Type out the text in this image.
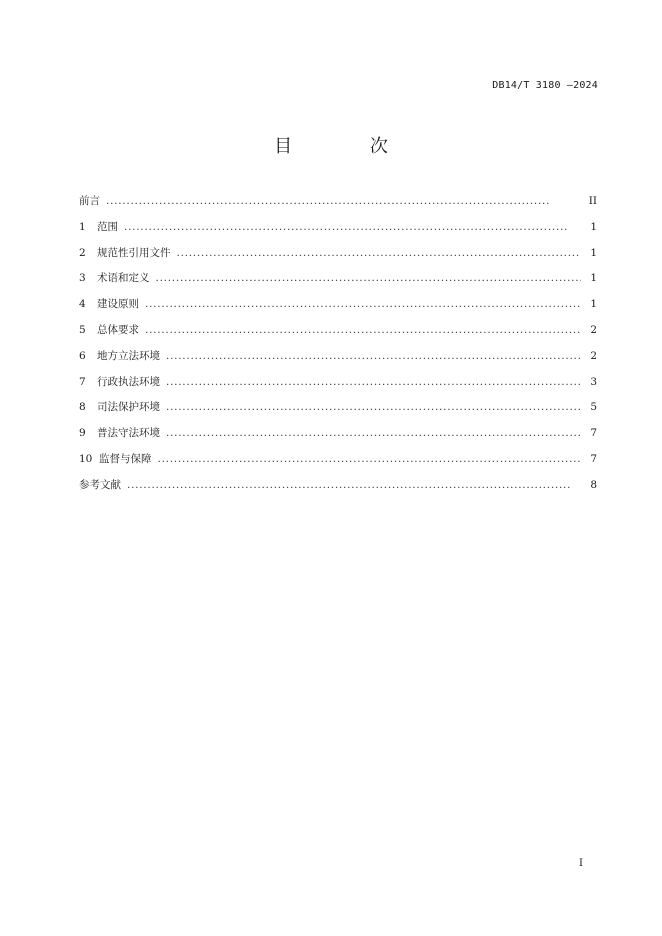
DB14/T 3180 —2024
目 次
前言 . . .	II
1	范围 . . .	1
2	规范性引用文件 . . .	1
3	术语和定义 . . .	1
4	建设原则 . . .	1
5	总体要求 . . .	2
6	地方立法环境 . . .	2
7	行政执法环境 . . .	3
8	司法保护环境 . . .	5
9	普法守法环境 . . .	7
10 监督与保障 . . .	7
参考文献 . . .	8
I
